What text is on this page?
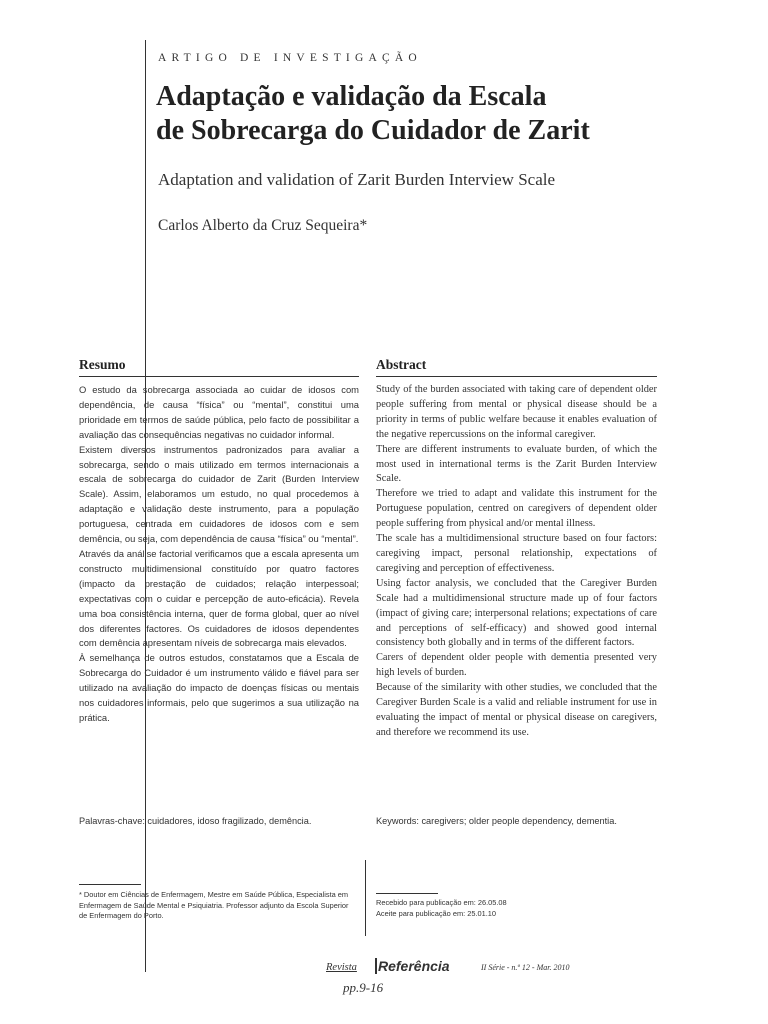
ARTIGO DE INVESTIGAÇÃO
Adaptação e validação da Escala
de Sobrecarga do Cuidador de Zarit
Adaptation and validation of Zarit Burden Interview Scale
Carlos Alberto da Cruz Sequeira*
Resumo

O estudo da sobrecarga associada ao cuidar de idosos com dependência, de causa “física” ou “mental”, constitui uma prioridade em termos de saúde pública, pelo facto de possibilitar a avaliação das consequências negativas no cuidador informal.

Existem diversos instrumentos padronizados para avaliar a sobrecarga, sendo o mais utilizado em termos internacionais a escala de sobrecarga do cuidador de Zarit (Burden Interview Scale). Assim, elaboramos um estudo, no qual procedemos à adaptação e validação deste instrumento, para a população portuguesa, centrada em cuidadores de idosos com e sem demência, ou seja, com dependência de causa “física” ou “mental”.

Através da análise factorial verificamos que a escala apresenta um constructo multidimensional constituído por quatro factores (impacto da prestação de cuidados; relação interpessoal; expectativas com o cuidar e percepção de auto-eficácia). Revela uma boa consistência interna, quer de forma global, quer ao nível dos diferentes factores. Os cuidadores de idosos dependentes com demência apresentam níveis de sobrecarga mais elevados.

À semelhança de outros estudos, constatamos que a Escala de Sobrecarga do Cuidador é um instrumento válido e fiável para ser utilizado na avaliação do impacto de doenças físicas ou mentais nos cuidadores informais, pelo que sugerimos a sua utilização na prática.

Abstract

Study of the burden associated with taking care of dependent older people suffering from mental or physical disease should be a priority in terms of public welfare because it enables evaluation of the negative repercussions on the informal caregiver.

There are different instruments to evaluate burden, of which the most used in international terms is the Zarit Burden Interview Scale.

Therefore we tried to adapt and validate this instrument for the Portuguese population, centred on caregivers of dependent older people suffering from physical and/or mental illness.

The scale has a multidimensional structure based on four factors: caregiving impact, personal relationship, expectations of caregiving and perception of effectiveness.

Using factor analysis, we concluded that the Caregiver Burden Scale had a multidimensional structure made up of four factors (impact of giving care; interpersonal relations; expectations of care and perceptions of self-efficacy) and showed good internal consistency both globally and in terms of the different factors.

Carers of dependent older people with dementia presented very high levels of burden.

Because of the similarity with other studies, we concluded that the Caregiver Burden Scale is a valid and reliable instrument for use in evaluating the impact of mental or physical disease on caregivers, and therefore we recommend its use.

Palavras-chave: cuidadores, idoso fragilizado, demência.	Keywords: caregivers; older people dependency, dementia.

* Doutor em Ciências de Enfermagem, Mestre em Saúde Pública, Especialista em Enfermagem de Saúde Mental e Psiquiatria. Professor adjunto da Escola Superior de Enfermagem do Porto.

Recebido para publicação em: 26.05.08

Aceite para publicação em: 25.01.10

Revista Referência	II Série - n.º 12 - Mar. 2010
pp.9-16
